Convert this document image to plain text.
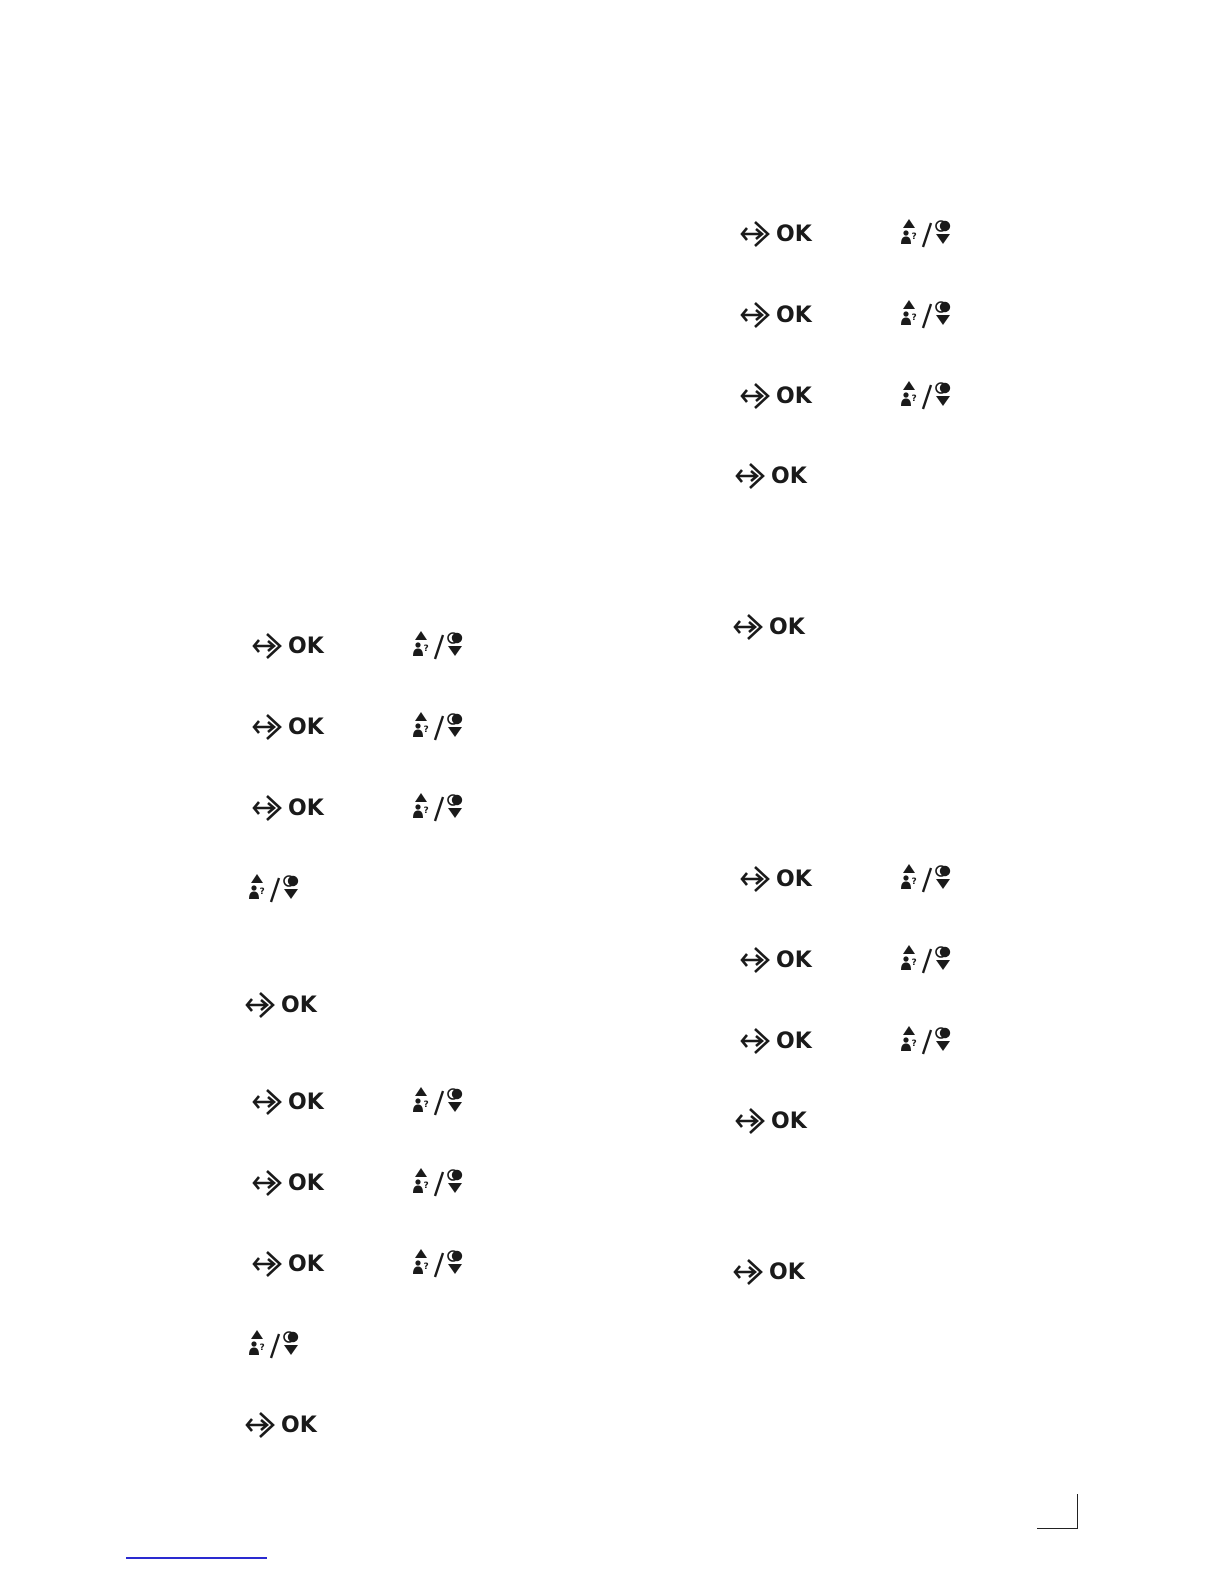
OK
OK
OK
OK
OK
OK
OK
OK
OK
OK
OK
OK
OK
OK
OK
OK
OK
OK
